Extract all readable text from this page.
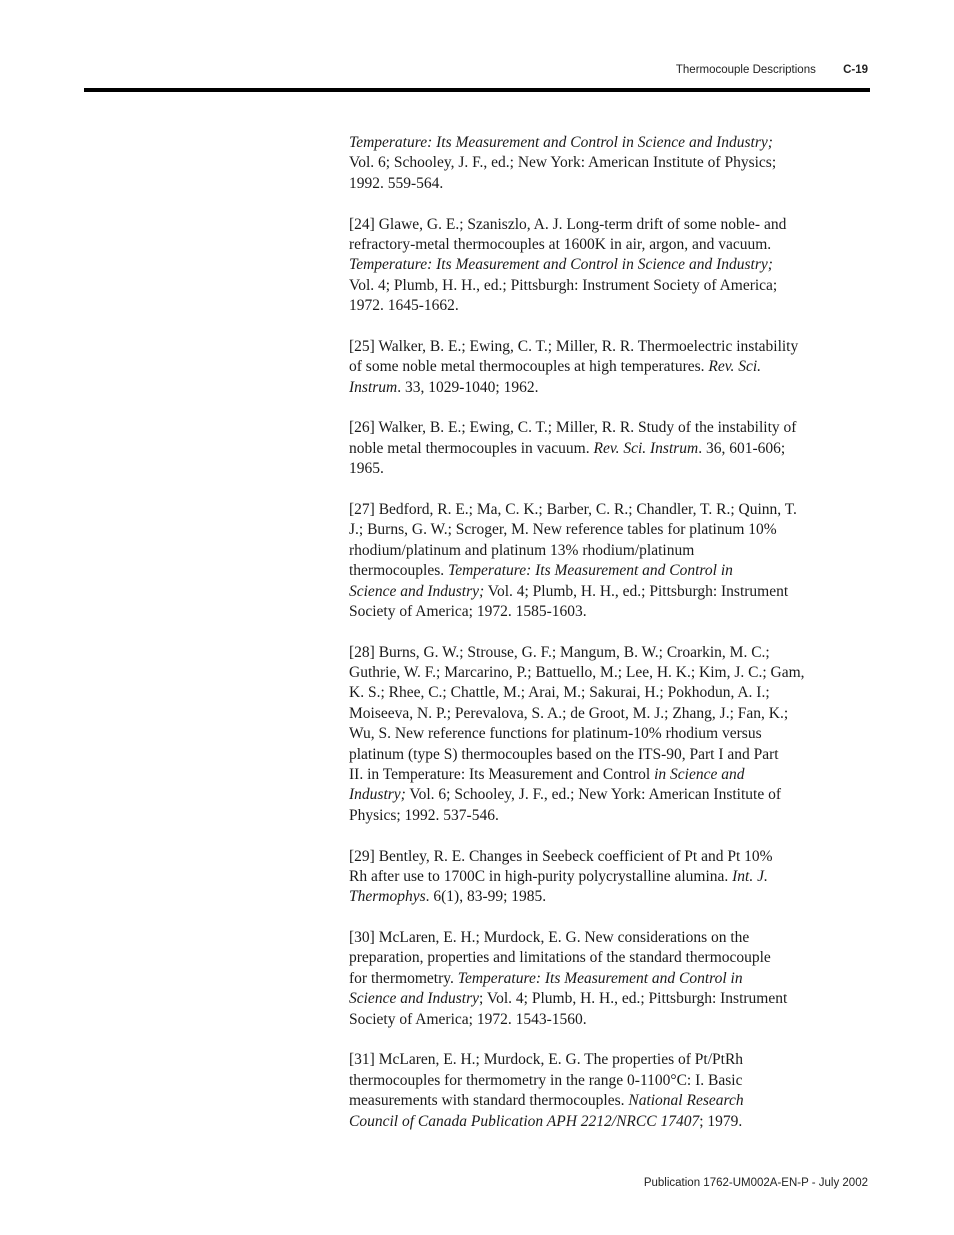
Thermocouple Descriptions C-19

Temperature: Its Measurement and Control in Science and Industry;
Vol. 6; Schooley, J. F., ed.; New York: American Institute of Physics;
1992. 559-564.

[24] Glawe, G. E.; Szaniszlo, A. J. Long-term drift of some noble- and
refractory-metal thermocouples at 1600K in air, argon, and vacuum.
Temperature: Its Measurement and Control in Science and Industry;
Vol. 4; Plumb, H. H., ed.; Pittsburgh: Instrument Society of America;
1972. 1645-1662.

[25] Walker, B. E.; Ewing, C. T.; Miller, R. R. Thermoelectric instability
of some noble metal thermocouples at high temperatures. Rev. Sci.
Instrum. 33, 1029-1040; 1962.

[26] Walker, B. E.; Ewing, C. T.; Miller, R. R. Study of the instability of
noble metal thermocouples in vacuum. Rev. Sci. Instrum. 36, 601-606;
1965.

[27] Bedford, R. E.; Ma, C. K.; Barber, C. R.; Chandler, T. R.; Quinn, T.
J.; Burns, G. W.; Scroger, M. New reference tables for platinum 10%
rhodium/platinum and platinum 13% rhodium/platinum
thermocouples. Temperature: Its Measurement and Control in
Science and Industry; Vol. 4; Plumb, H. H., ed.; Pittsburgh: Instrument
Society of America; 1972. 1585-1603.

[28] Burns, G. W.; Strouse, G. F.; Mangum, B. W.; Croarkin, M. C.;
Guthrie, W. F.; Marcarino, P.; Battuello, M.; Lee, H. K.; Kim, J. C.; Gam,
K. S.; Rhee, C.; Chattle, M.; Arai, M.; Sakurai, H.; Pokhodun, A. I.;
Moiseeva, N. P.; Perevalova, S. A.; de Groot, M. J.; Zhang, J.; Fan, K.;
Wu, S. New reference functions for platinum-10% rhodium versus
platinum (type S) thermocouples based on the ITS-90, Part I and Part
II. in Temperature: Its Measurement and Control in Science and
Industry; Vol. 6; Schooley, J. F., ed.; New York: American Institute of
Physics; 1992. 537-546.

[29] Bentley, R. E. Changes in Seebeck coefficient of Pt and Pt 10%
Rh after use to 1700C in high-purity polycrystalline alumina. Int. J.
Thermophys. 6(1), 83-99; 1985.

[30] McLaren, E. H.; Murdock, E. G. New considerations on the
preparation, properties and limitations of the standard thermocouple
for thermometry. Temperature: Its Measurement and Control in
Science and Industry; Vol. 4; Plumb, H. H., ed.; Pittsburgh: Instrument
Society of America; 1972. 1543-1560.

[31] McLaren, E. H.; Murdock, E. G. The properties of Pt/PtRh
thermocouples for thermometry in the range 0-1100°C: I. Basic
measurements with standard thermocouples. National Research
Council of Canada Publication APH 2212/NRCC 17407; 1979.

Publication 1762-UM002A-EN-P - July 2002
